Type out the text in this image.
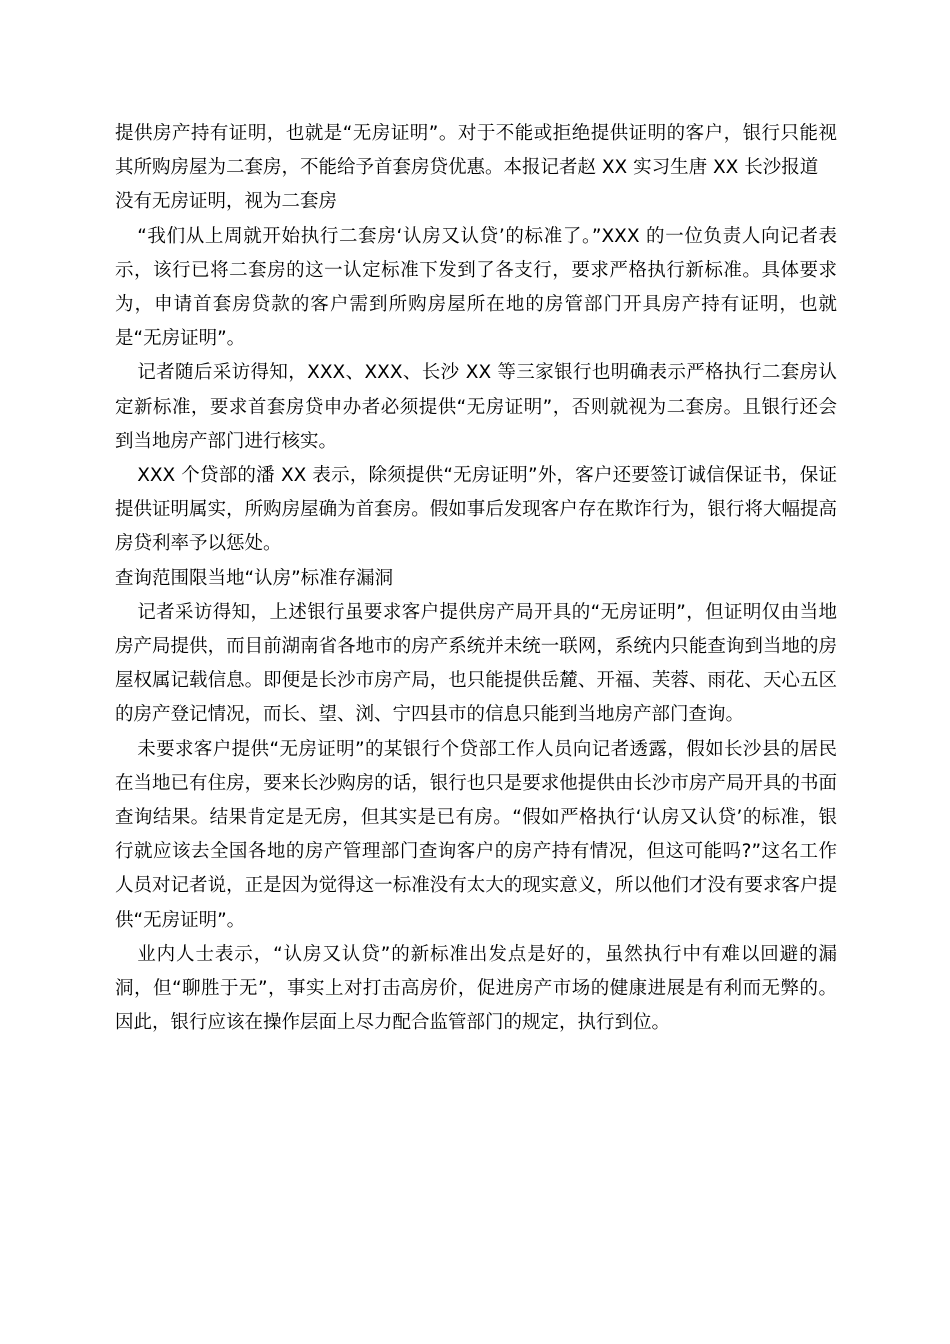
提供房产持有证明，也就是“无房证明”。对于不能或拒绝提供证明的客户，银行只能视其所购房屋为二套房，不能给予首套房贷优惠。本报记者赵 XX 实习生唐 XX 长沙报道

没有无房证明，视为二套房

“我们从上周就开始执行二套房‘认房又认贷’的标准了。”XXX 的一位负责人向记者表示，该行已将二套房的这一认定标准下发到了各支行，要求严格执行新标准。具体要求为，申请首套房贷款的客户需到所购房屋所在地的房管部门开具房产持有证明，也就是“无房证明”。

记者随后采访得知，XXX、XXX、长沙 XX 等三家银行也明确表示严格执行二套房认定新标准，要求首套房贷申办者必须提供“无房证明”，否则就视为二套房。且银行还会到当地房产部门进行核实。

XXX 个贷部的潘 XX 表示，除须提供“无房证明”外，客户还要签订诚信保证书，保证提供证明属实，所购房屋确为首套房。假如事后发现客户存在欺诈行为，银行将大幅提高房贷利率予以惩处。

查询范围限当地“认房”标准存漏洞

记者采访得知，上述银行虽要求客户提供房产局开具的“无房证明”，但证明仅由当地房产局提供，而目前湖南省各地市的房产系统并未统一联网，系统内只能查询到当地的房屋权属记载信息。即便是长沙市房产局，也只能提供岳麓、开福、芙蓉、雨花、天心五区的房产登记情况，而长、望、浏、宁四县市的信息只能到当地房产部门查询。

未要求客户提供“无房证明”的某银行个贷部工作人员向记者透露，假如长沙县的居民在当地已有住房，要来长沙购房的话，银行也只是要求他提供由长沙市房产局开具的书面查询结果。结果肯定是无房，但其实是已有房。“假如严格执行‘认房又认贷’的标准，银行就应该去全国各地的房产管理部门查询客户的房产持有情况，但这可能吗?”这名工作人员对记者说，正是因为觉得这一标准没有太大的现实意义，所以他们才没有要求客户提供“无房证明”。

业内人士表示，“认房又认贷”的新标准出发点是好的，虽然执行中有难以回避的漏洞，但“聊胜于无”，事实上对打击高房价，促进房产市场的健康进展是有利而无弊的。因此，银行应该在操作层面上尽力配合监管部门的规定，执行到位。
